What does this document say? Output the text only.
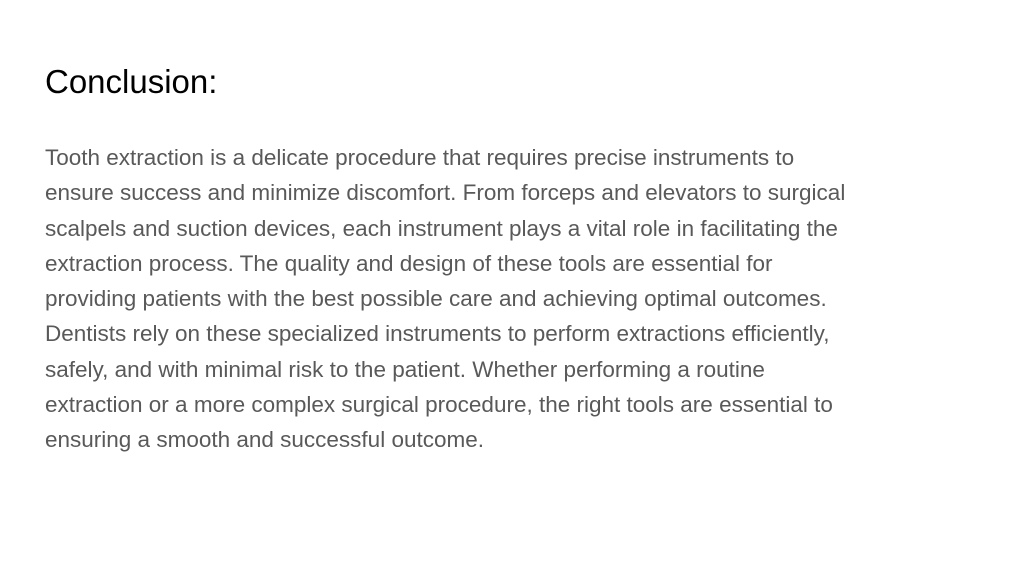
Conclusion:
Tooth extraction is a delicate procedure that requires precise instruments to
ensure success and minimize discomfort. From forceps and elevators to surgical
scalpels and suction devices, each instrument plays a vital role in facilitating the
extraction process. The quality and design of these tools are essential for
providing patients with the best possible care and achieving optimal outcomes.
Dentists rely on these specialized instruments to perform extractions efficiently,
safely, and with minimal risk to the patient. Whether performing a routine
extraction or a more complex surgical procedure, the right tools are essential to
ensuring a smooth and successful outcome.
